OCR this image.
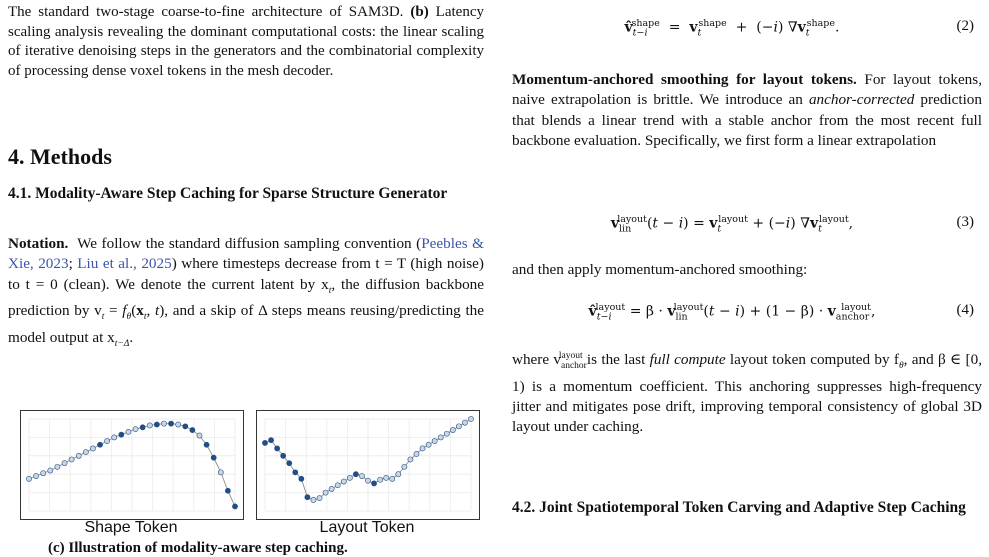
The standard two-stage coarse-to-fine architecture of SAM3D. (b) Latency scaling analysis revealing the dominant computational costs: the linear scaling of iterative denoising steps in the generators and the combinatorial complexity of processing dense voxel tokens in the mesh decoder.

4. Methods
4.1. Modality-Aware Step Caching for Sparse Structure Generator

Notation. We follow the standard diffusion sampling convention (Peebles & Xie, 2023; Liu et al., 2025) where timesteps decrease from t = T (high noise) to t = 0 (clean). We denote the current latent by $x_t$, the diffusion backbone prediction by $v_t = f_\theta(x_t$, t), and a skip of Δ steps means reusing/predicting the model output at $x_{t-\Delta}$.

Shape Token	Layout Token
(c) Illustration of modality-aware step caching.
$v̂_{t-i}^{shape} = v_t^{shape} + (-i)$ $\nabla v_t^{shape}$.	(2)

Momentum-anchored smoothing for layout tokens. For layout tokens, naive extrapolation is brittle. We introduce an anchor-corrected prediction that blends a linear trend with a stable anchor from the most recent full backbone evaluation. Specifically, we first form a linear extrapolation

$v_{lin}^{layout}(t - i) = v_t^{layout} + (-i)$ $\nabla v_t^{layout}$,	(3)

and then apply momentum-anchored smoothing:

$v̂_{t-i}^{layout} = \beta \cdot v_{lin}^{layout}(t - i) + (1 - \beta) \cdot v_{anchor}^{layout}$,	(4)

where $v_{anchor}^{layout}$ is the last full compute layout token computed by $f_\theta$, and β ∈ [0, 1) is a momentum coefficient. This anchoring suppresses high-frequency jitter and mitigates pose drift, improving temporal consistency of global 3D layout under caching.

4.2. Joint Spatiotemporal Token Carving and Adaptive Step Caching
